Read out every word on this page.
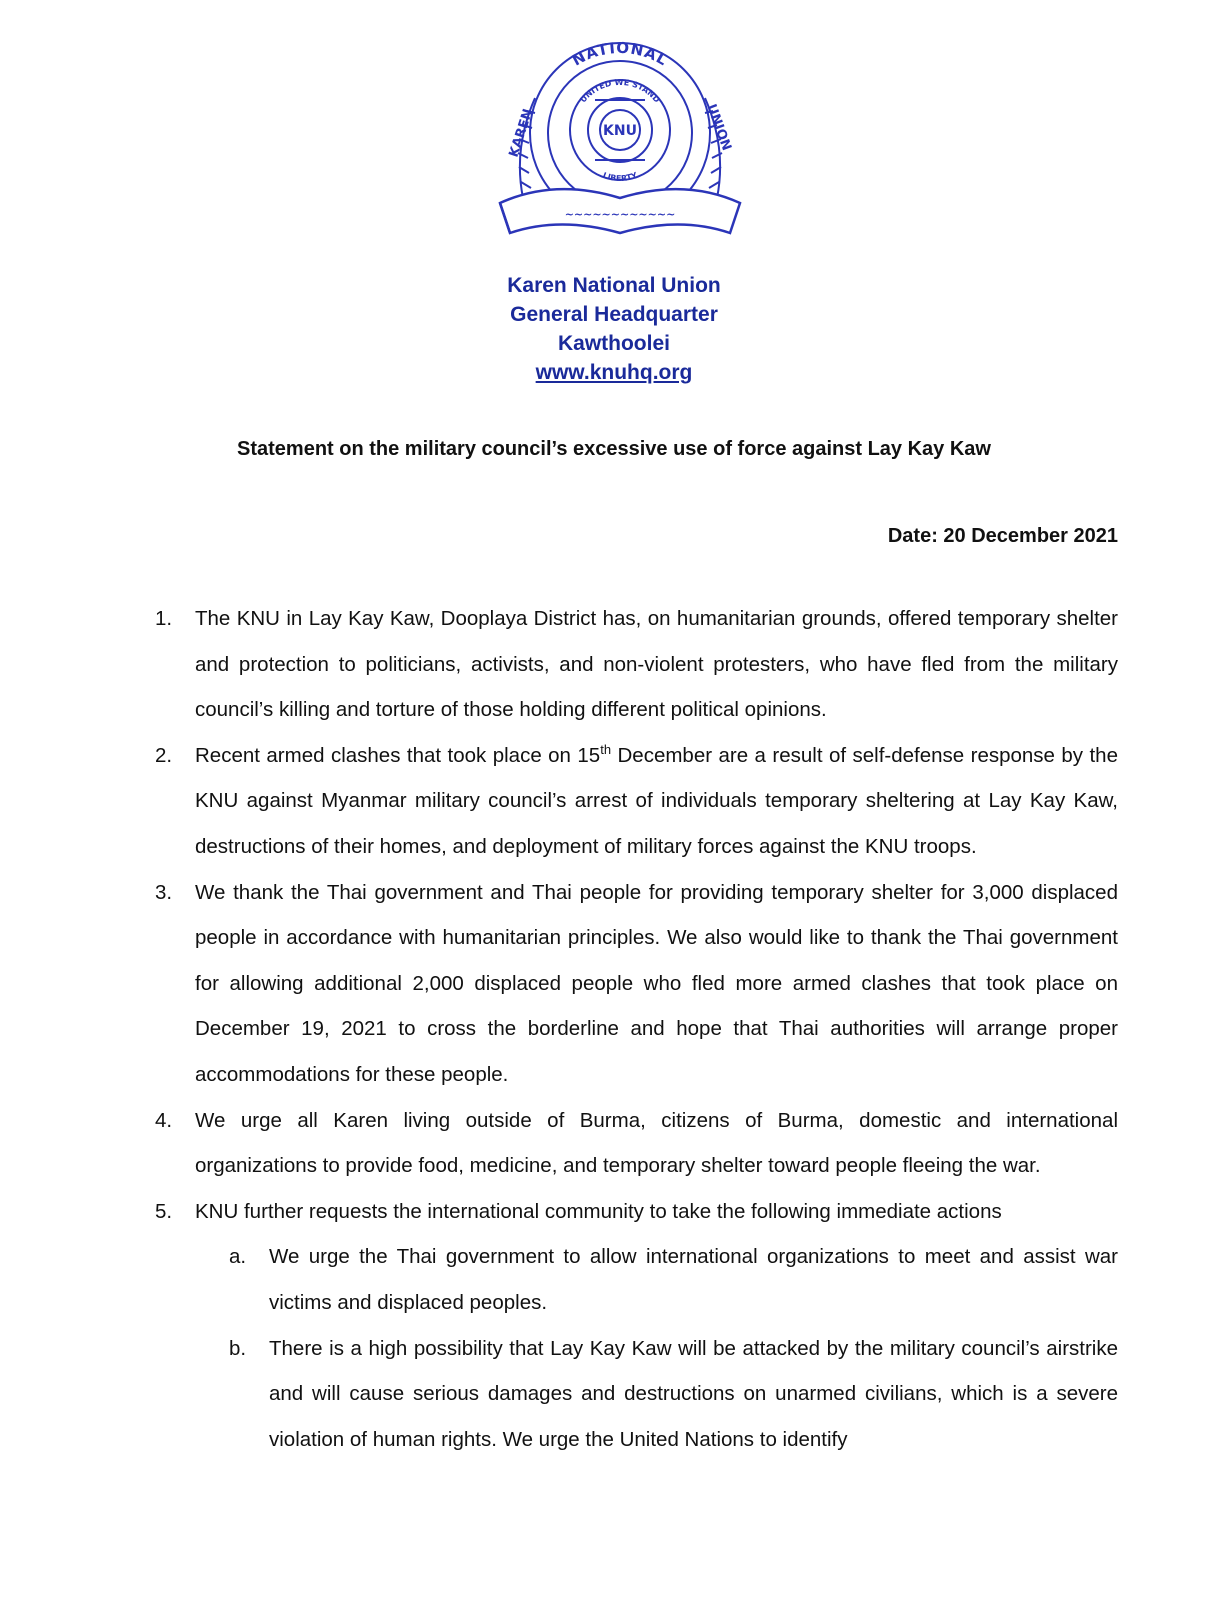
NATIONAL
KAREN	UNION
UNITED WE STAND
LIBERTY
KNU
~~~~~~~~~~~~
Karen National Union
General Headquarter
Kawthoolei
www.knuhq.org
Statement on the military council’s excessive use of force against Lay Kay Kaw
Date: 20 December 2021
1.	The KNU in Lay Kay Kaw, Dooplaya District has, on humanitarian grounds, offered temporary shelter and protection to politicians, activists, and non-violent protesters, who have fled from the military council’s killing and torture of those holding different political opinions.
2.	Recent armed clashes that took place on 15th December are a result of self-defense response by the KNU against Myanmar military council’s arrest of individuals temporary sheltering at Lay Kay Kaw, destructions of their homes, and deployment of military forces against the KNU troops.
3.	We thank the Thai government and Thai people for providing temporary shelter for 3,000 displaced people in accordance with humanitarian principles. We also would like to thank the Thai government for allowing additional 2,000 displaced people who fled more armed clashes that took place on December 19, 2021 to cross the borderline and hope that Thai authorities will arrange proper accommodations for these people.
4.	We urge all Karen living outside of Burma, citizens of Burma, domestic and international organizations to provide food, medicine, and temporary shelter toward people fleeing the war.
5.	KNU further requests the international community to take the following immediate actions
a. We urge the Thai government to allow international organizations to meet and assist war victims and displaced peoples.
b. There is a high possibility that Lay Kay Kaw will be attacked by the military council’s airstrike and will cause serious damages and destructions on unarmed civilians, which is a severe violation of human rights. We urge the United Nations to identify
